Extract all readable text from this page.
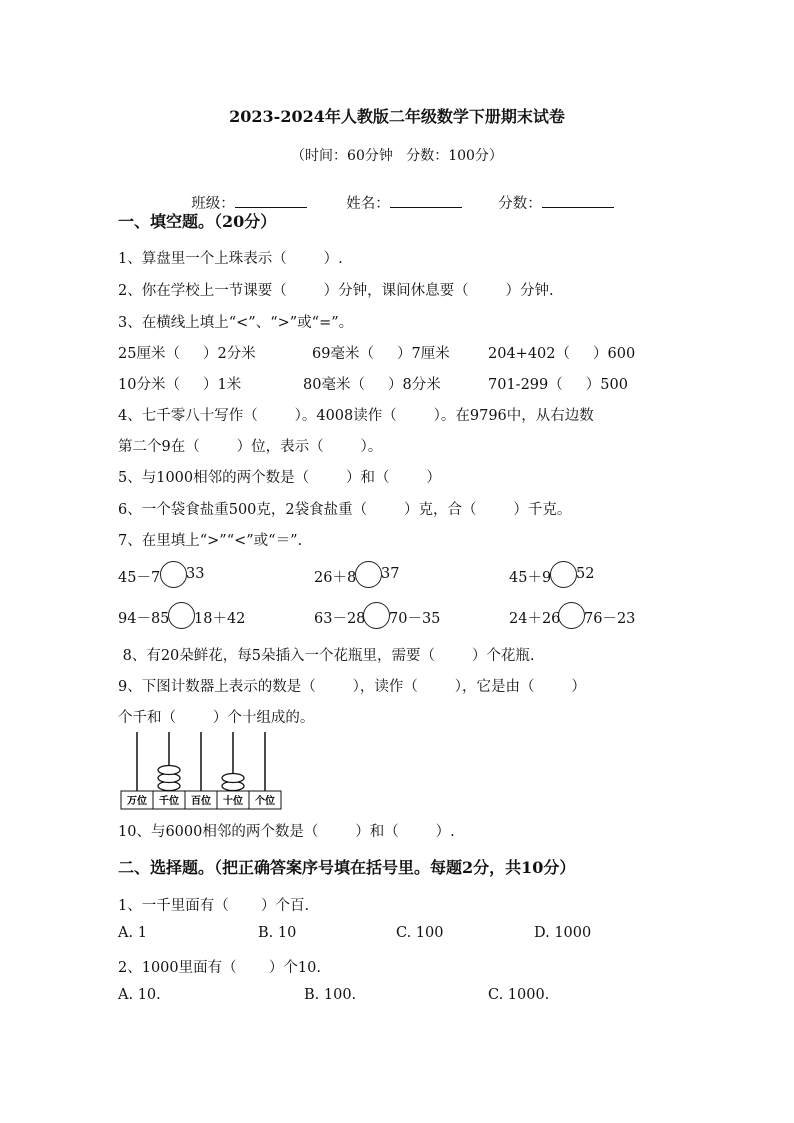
2023-2024年人教版二年级数学下册期末试卷
（时间：60分钟   分数：100分）

班级：	姓名：	分数：

一、填空题。（20分）
1、算盘里一个上珠表示（        ）.
2、你在学校上一节课要（        ）分钟，课间休息要（        ）分钟.
3、在横线上填上“<”、“>”或“=”。
25厘米（     ）2分米	69毫米（     ）7厘米	204+402（     ）600
10分米（     ）1米	80毫米（     ）8分米	701-299（     ）500
4、七千零八十写作（        ）。4008读作（        ）。在9796中，从右边数
第二个9在（        ）位，表示（        ）。
5、与1000相邻的两个数是（        ）和（        ）
6、一个袋食盐重500克，2袋食盐重（        ）克，合（        ）千克。
7、在里填上“>”“<”或“＝”.
45－7 33	26＋8 37	45＋9 52
94－85 18＋42	63－28 70－35	24＋26 76－23
8、有20朵鲜花，每5朵插入一个花瓶里，需要（        ）个花瓶.
9、下图计数器上表示的数是（        ），读作（        ），它是由（        ）
个千和（        ）个十组成的。
万位 千位 百位 十位 个位
10、与6000相邻的两个数是（        ）和（        ）.
二、选择题。（把正确答案序号填在括号里。每题2分，共10分）
1、一千里面有（       ）个百.
A. 1	B. 10	C. 100	D. 1000
2、1000里面有（       ）个10.
A. 10.	B. 100.	C. 1000.
